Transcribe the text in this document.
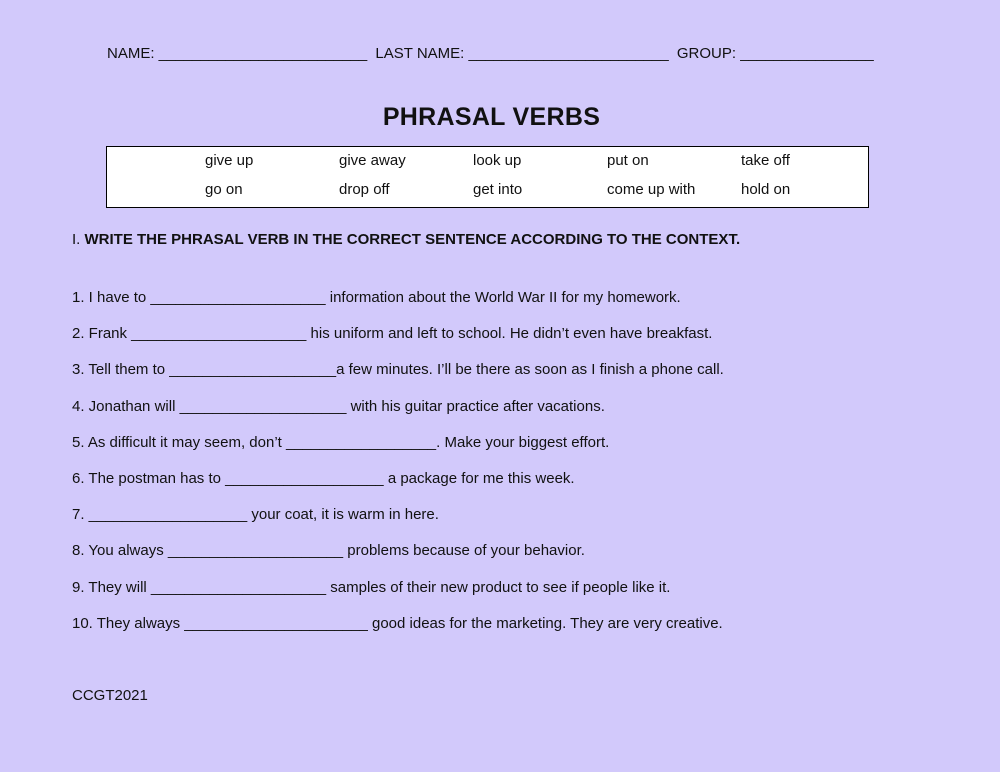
NAME: _________________________ LAST NAME: ________________________ GROUP: ________________
PHRASAL VERBS
give up	give away	look up	put on	take off
go on	drop off	get into	come up with	hold on
I. WRITE THE PHRASAL VERB IN THE CORRECT SENTENCE ACCORDING TO THE CONTEXT.
1. I have to _____________________ information about the World War II for my homework.
2. Frank _____________________ his uniform and left to school. He didn’t even have breakfast.
3. Tell them to ____________________a few minutes. I’ll be there as soon as I finish a phone call.
4. Jonathan will ____________________ with his guitar practice after vacations.
5. As difficult it may seem, don’t __________________. Make your biggest effort.
6. The postman has to ___________________ a package for me this week.
7. ___________________ your coat, it is warm in here.
8. You always _____________________ problems because of your behavior.
9. They will _____________________ samples of their new product to see if people like it.
10. They always ______________________ good ideas for the marketing. They are very creative.
CCGT2021
